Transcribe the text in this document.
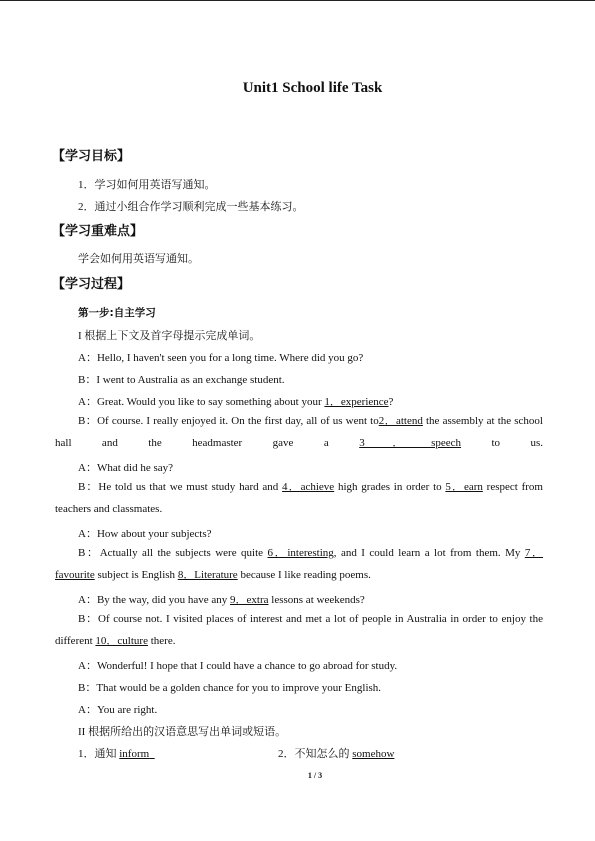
Unit1 School life Task
【学习目标】
1．学习如何用英语写通知。
2．通过小组合作学习顺利完成一些基本练习。
【学习重难点】
学会如何用英语写通知。
【学习过程】
第一步:自主学习
I 根据上下文及首字母提示完成单词。
A：Hello, I haven't seen you for a long time. Where did you go?
B：I went to Australia as an exchange student.
A：Great. Would you like to say something about your 1．experience?
B：Of course. I really enjoyed it. On the first day, all of us went to2．attend the assembly at the school hall and the headmaster gave a 3．speech to us.
A：What did he say?
B：He told us that we must study hard and 4．achieve high grades in order to 5．earn respect from teachers and classmates.
A：How about your subjects?
B：Actually all the subjects were quite 6．interesting, and I could learn a lot from them. My 7．favourite subject is English 8．Literature because I like reading poems.
A：By the way, did you have any 9．extra lessons at weekends?
B：Of course not. I visited places of interest and met a lot of people in Australia in order to enjoy the different 10．culture there.
A：Wonderful! I hope that I could have a chance to go abroad for study.
B：That would be a golden chance for you to improve your English.
A：You are right.
II 根据所给出的汉语意思写出单词或短语。
1．通知 inform	2．不知怎么的 somehow
1 / 3
